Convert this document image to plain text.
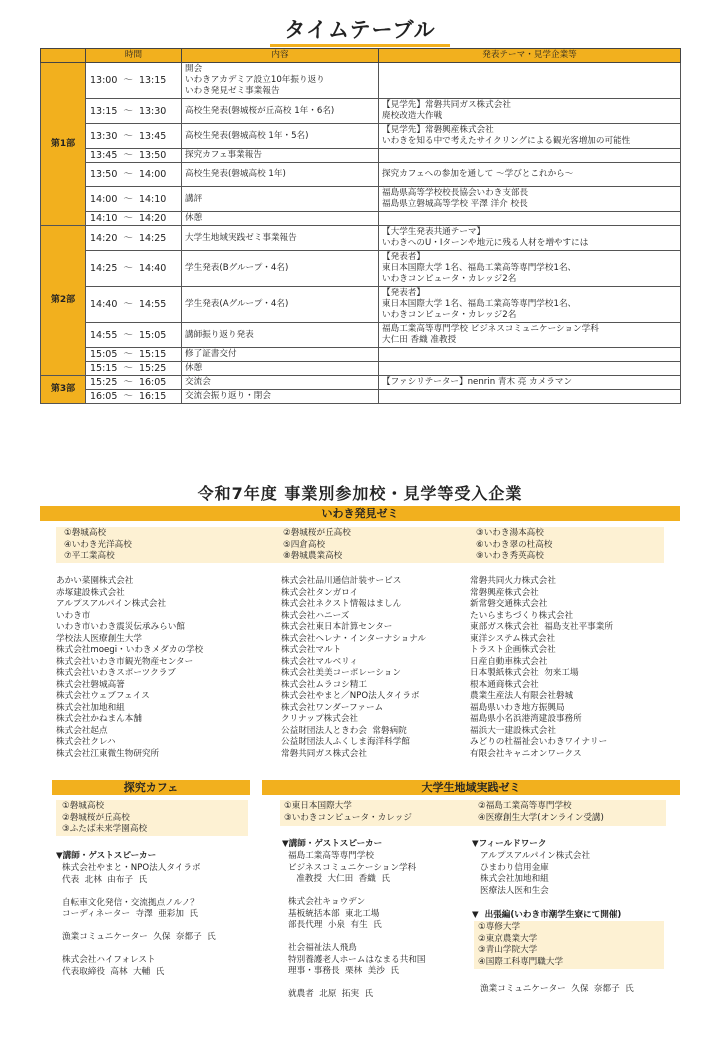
タイムテーブル
	時間	内容	発表テーマ・見学企業等
第1部	13:00  ～  13:15	開会
いわきアカデミア設立10年振り返り
いわき発見ゼミ事業報告	
	13:15  ～  13:30	高校生発表(磐城桜が丘高校 1年・6名)	【見学先】常磐共同ガス株式会社
廃校改造大作戦
	13:30  ～  13:45	高校生発表(磐城高校 1年・5名)	【見学先】常磐興産株式会社
いわきを知る中で考えたサイクリングによる観光客増加の可能性
	13:45  ～  13:50	探究カフェ事業報告	
	13:50  ～  14:00	高校生発表(磐城高校 1年)	探究カフェへの参加を通して ～学びとこれから～
	14:00  ～  14:10	講評	福島県高等学校校長協会いわき支部長
福島県立磐城高等学校 平澤 洋介 校長
	14:10  ～  14:20	休憩	
第2部	14:20  ～  14:25	大学生地域実践ゼミ事業報告	【大学生発表共通テーマ】
いわきへのU・Iターンや地元に残る人材を増やすには
	14:25  ～  14:40	学生発表(Bグループ・4名)	【発表者】
東日本国際大学 1名、福島工業高等専門学校1名、
いわきコンピュータ・カレッジ2名
	14:40  ～  14:55	学生発表(Aグループ・4名)	【発表者】
東日本国際大学 1名、福島工業高等専門学校1名、
いわきコンピュータ・カレッジ2名
	14:55  ～  15:05	講師振り返り発表	福島工業高等専門学校 ビジネスコミュニケーション学科
大仁田 香織 准教授
	15:05  ～  15:15	修了証書交付	
	15:15  ～  15:25	休憩	
第3部	15:25  ～  16:05	交流会	【ファシリテーター】nenrin 青木 亮 カメラマン
	16:05  ～  16:15	交流会振り返り・閉会	
令和7年度 事業別参加校・見学等受入企業
いわき発見ゼミ
①磐城高校
④いわき光洋高校
⑦平工業高校
②磐城桜が丘高校
⑤四倉高校
⑧磐城農業高校
③いわき湯本高校
⑥いわき翠の杜高校
⑨いわき秀英高校
あかい菜園株式会社
赤塚建設株式会社
アルプスアルパイン株式会社
いわき市
いわき市いわき震災伝承みらい館
学校法人医療創生大学
株式会社moegi・いわきメダカの学校
株式会社いわき市観光物産センター
株式会社いわきスポーツクラブ
株式会社磐城高箸
株式会社ウェブフェイス
株式会社加地和組
株式会社かねまん本舗
株式会社起点
株式会社クレハ
株式会社江東微生物研究所
株式会社品川通信計装サービス
株式会社タンガロイ
株式会社ネクスト情報はましん
株式会社ハニーズ
株式会社東日本計算センター
株式会社ヘレナ・インターナショナル
株式会社マルト
株式会社マルベリィ
株式会社美美コーポレーション
株式会社ムラコシ精工
株式会社やまと／NPO法人タイラボ
株式会社ワンダーファーム
クリナップ株式会社
公益財団法人ときわ会  常磐病院
公益財団法人ふくしま海洋科学館
常磐共同ガス株式会社
常磐共同火力株式会社
常磐興産株式会社
新常磐交通株式会社
たいらまちづくり株式会社
東部ガス株式会社  福島支社平事業所
東洋システム株式会社
トラスト企画株式会社
日産自動車株式会社
日本製紙株式会社  勿来工場
根本通商株式会社
農業生産法人有限会社磐城
福島県いわき地方振興局
福島県小名浜港湾建設事務所
福浜大一建設株式会社
みどりの杜福祉会いわきワイナリー
有限会社キャニオンワークス
探究カフェ
①磐城高校
②磐城桜が丘高校
③ふたば未来学園高校
▼講師・ゲストスピーカー
株式会社やまと・NPO法人タイラボ
代表  北林  由布子  氏
自転車文化発信・交流拠点ノルノ？
コーディネーター  寺澤  亜彩加  氏
漁業コミュニケーター  久保  奈都子  氏
株式会社ハイフォレスト
代表取締役  高林  大輔  氏
大学生地域実践ゼミ
①東日本国際大学
③いわきコンピュータ・カレッジ
②福島工業高等専門学校
④医療創生大学(オンライン受講)
▼講師・ゲストスピーカー
福島工業高等専門学校
ビジネスコミュニケーション学科
准教授  大仁田  香織  氏
株式会社キョウデン
基板統括本部  東北工場
部長代理  小泉  有生  氏
社会福祉法人飛鳥
特別養護老人ホームはなまる共和国
理事・事務長  栗林  美沙  氏
就農者  北原  拓実  氏
▼フィールドワーク
アルプスアルパイン株式会社
ひまわり信用金庫
株式会社加地和組
医療法人医和生会
▼  出張編(いわき市潮学生寮にて開催)
①専修大学
②東京農業大学
③青山学院大学
④国際工科専門職大学
漁業コミュニケーター  久保  奈都子  氏
